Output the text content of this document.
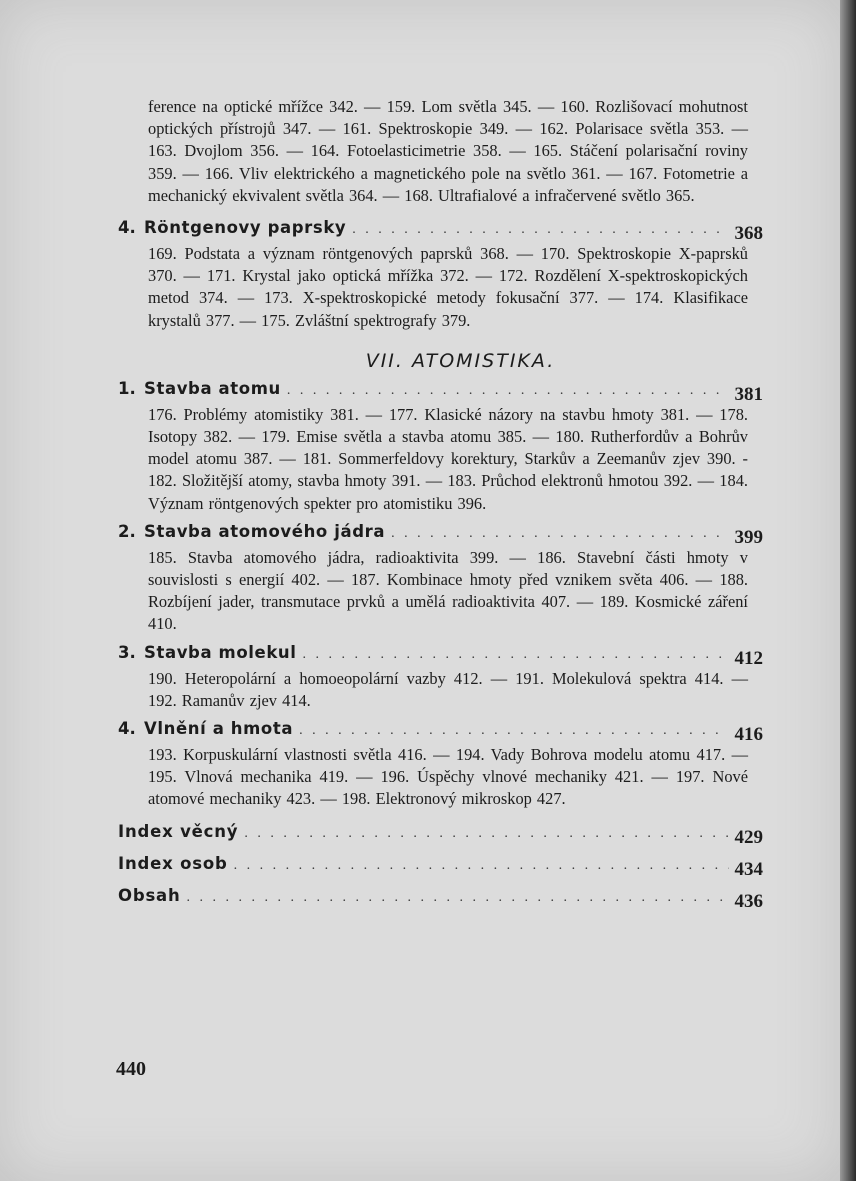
ference na optické mřížce 342. — 159. Lom světla 345. — 160. Rozlišovací mohutnost optických přístrojů 347. — 161. Spektroskopie 349. — 162. Polarisace světla 353. — 163. Dvojlom 356. — 164. Fotoelasticimetrie 358. — 165. Stáčení polarisační roviny 359. — 166. Vliv elektrického a magnetického pole na světlo 361. — 167. Fotometrie a mechanický ekvivalent světla 364. — 168. Ultrafialové a infračervené světlo 365.

4. Röntgenovy paprsky . . .	368

169. Podstata a význam röntgenových paprsků 368. — 170. Spektroskopie X-paprsků 370. — 171. Krystal jako optická mřížka 372. — 172. Rozdělení X-spektroskopických metod 374. — 173. X-spektroskopické metody fokusační 377. — 174. Klasifikace krystalů 377. — 175. Zvláštní spektrografy 379.

VII. ATOMISTIKA.
1. Stavba atomu . . .	381

176. Problémy atomistiky 381. — 177. Klasické názory na stavbu hmoty 381. — 178. Isotopy 382. — 179. Emise světla a stavba atomu 385. — 180. Rutherfordův a Bohrův model atomu 387. — 181. Sommerfeldovy korektury, Starkův a Zeemanův zjev 390. - 182. Složitější atomy, stavba hmoty 391. — 183. Průchod elektronů hmotou 392. — 184. Význam röntgenových spekter pro atomistiku 396.

2. Stavba atomového jádra . . .	399

185. Stavba atomového jádra, radioaktivita 399. — 186. Stavební části hmoty v souvislosti s energií 402. — 187. Kombinace hmoty před vznikem světa 406. — 188. Rozbíjení jader, transmutace prvků a umělá radioaktivita 407. — 189. Kosmické záření 410.

3. Stavba molekul . . .	412

190. Heteropolární a homoeopolární vazby 412. — 191. Molekulová spektra 414. — 192. Ramanův zjev 414.

4. Vlnění a hmota . . .	416

193. Korpuskulární vlastnosti světla 416. — 194. Vady Bohrova modelu atomu 417. — 195. Vlnová mechanika 419. — 196. Úspěchy vlnové mechaniky 421. — 197. Nové atomové mechaniky 423. — 198. Elektronový mikroskop 427.

Index věcný . . .	429
Index osob . . .	434
Obsah . . .	436
440
